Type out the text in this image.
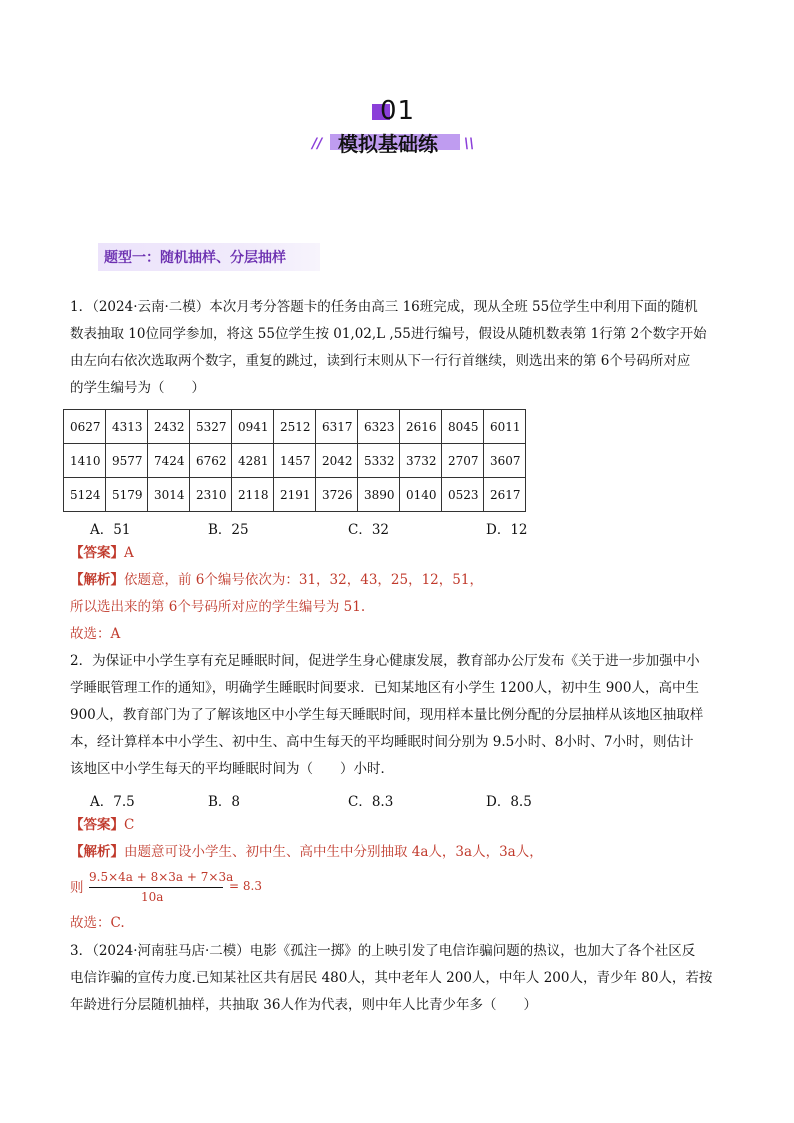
01
// 模拟基础练 \\
题型一：随机抽样、分层抽样
1．（2024·云南·二模）本次月考分答题卡的任务由高三 16班完成，现从全班 55位学生中利用下面的随机
数表抽取 10位同学参加，将这 55位学生按 01,02,L ,55进行编号，假设从随机数表第 1行第 2个数字开始
由左向右依次选取两个数字，重复的跳过，读到行末则从下一行行首继续，则选出来的第 6个号码所对应
的学生编号为（　　）
0627	4313	2432	5327	0941	2512	6317	6323	2616	8045	6011
1410	9577	7424	6762	4281	1457	2042	5332	3732	2707	3607
5124	5179	3014	2310	2118	2191	3726	3890	0140	0523	2617
A．51	B．25	C．32	D．12
【答案】A
【解析】依题意，前 6个编号依次为：31，32，43，25，12，51，
所以选出来的第 6个号码所对应的学生编号为 51.
故选：A
2．为保证中小学生享有充足睡眠时间，促进学生身心健康发展，教育部办公厅发布《关于进一步加强中小
学睡眠管理工作的通知》，明确学生睡眠时间要求．已知某地区有小学生 1200人，初中生 900人，高中生
900人，教育部门为了了解该地区中小学生每天睡眠时间，现用样本量比例分配的分层抽样从该地区抽取样
本，经计算样本中小学生、初中生、高中生每天的平均睡眠时间分别为 9.5小时、8小时、7小时，则估计
该地区中小学生每天的平均睡眠时间为（　　）小时．
A．7.5	B．8	C．8.3	D．8.5
【答案】C
【解析】由题意可设小学生、初中生、高中生中分别抽取 4a人，3a人，3a人，
则
9.5×4a + 8×3a + 7×3a
10a
= 8.3
故选：C.
3．（2024·河南驻马店·二模）电影《孤注一掷》的上映引发了电信诈骗问题的热议，也加大了各个社区反
电信诈骗的宣传力度.已知某社区共有居民 480人，其中老年人 200人，中年人 200人，青少年 80人，若按
年龄进行分层随机抽样，共抽取 36人作为代表，则中年人比青少年多（　　）
